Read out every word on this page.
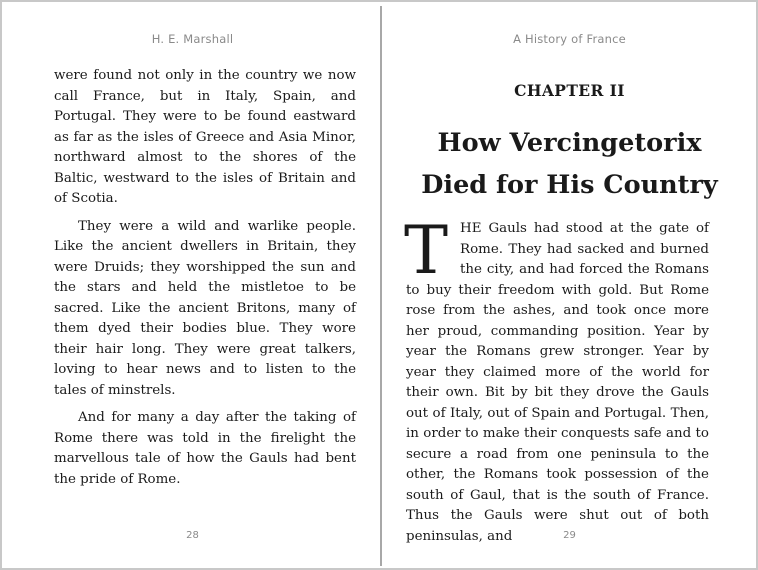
H. E. Marshall

were found not only in the country we now call France, but in Italy, Spain, and Portugal. They were to be found eastward as far as the isles of Greece and Asia Minor, northward almost to the shores of the Baltic, westward to the isles of Britain and of Scotia.

They were a wild and warlike people. Like the ancient dwellers in Britain, they were Druids; they worshipped the sun and the stars and held the mistletoe to be sacred. Like the ancient Britons, many of them dyed their bodies blue. They wore their hair long. They were great talkers, loving to hear news and to listen to the tales of minstrels.

And for many a day after the taking of Rome there was told in the firelight the marvellous tale of how the Gauls had bent the pride of Rome.

28
A History of France
CHAPTER II
How Vercingetorix Died for His Country

THE Gauls had stood at the gate of Rome. They had sacked and burned the city, and had forced the Romans to buy their freedom with gold. But Rome rose from the ashes, and took once more her proud, commanding position. Year by year the Romans grew stronger. Year by year they claimed more of the world for their own. Bit by bit they drove the Gauls out of Italy, out of Spain and Portugal. Then, in order to make their conquests safe and to secure a road from one peninsula to the other, the Romans took possession of the south of Gaul, that is the south of France. Thus the Gauls were shut out of both peninsulas, and	29
